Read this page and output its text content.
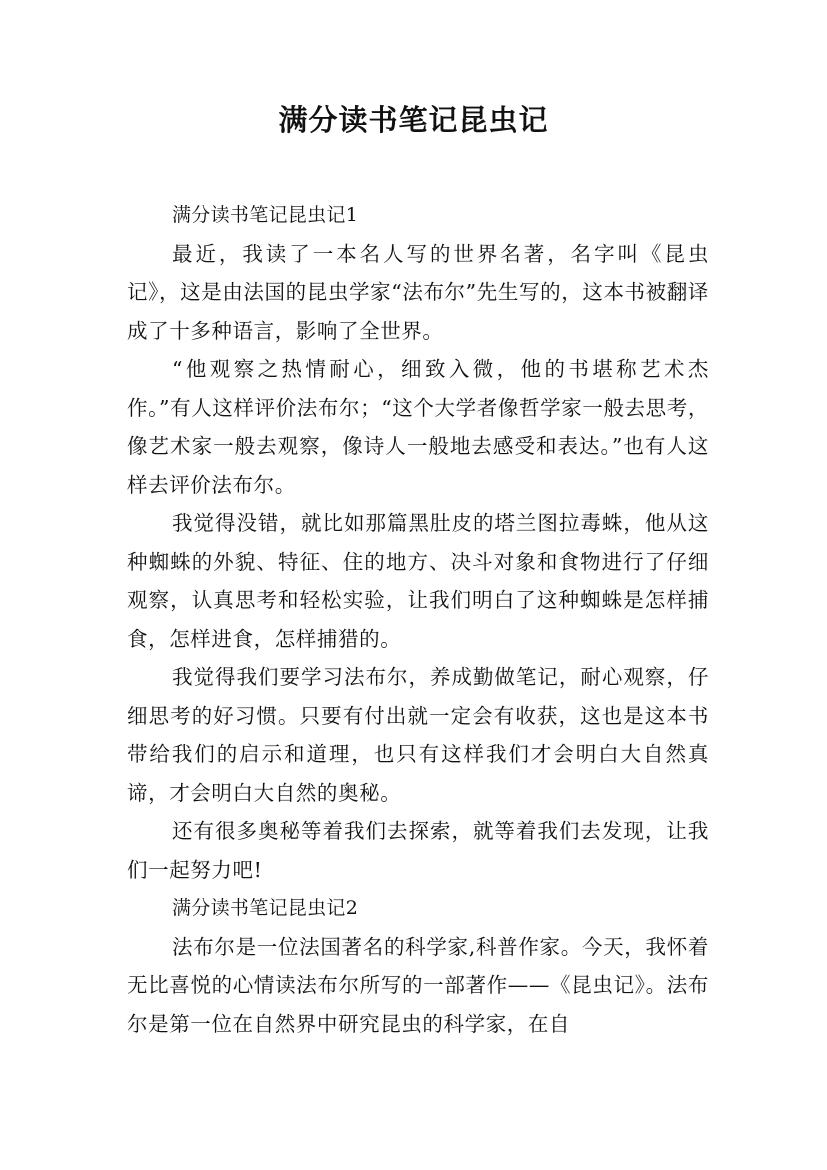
满分读书笔记昆虫记

满分读书笔记昆虫记1

最近，我读了一本名人写的世界名著，名字叫《昆虫记》，这是由法国的昆虫学家“法布尔”先生写的，这本书被翻译成了十多种语言，影响了全世界。

“他观察之热情耐心，细致入微，他的书堪称艺术杰作。”有人这样评价法布尔；“这个大学者像哲学家一般去思考，像艺术家一般去观察，像诗人一般地去感受和表达。”也有人这样去评价法布尔。

我觉得没错，就比如那篇黑肚皮的塔兰图拉毒蛛，他从这种蜘蛛的外貌、特征、住的地方、决斗对象和食物进行了仔细观察，认真思考和轻松实验，让我们明白了这种蜘蛛是怎样捕食，怎样进食，怎样捕猎的。

我觉得我们要学习法布尔，养成勤做笔记，耐心观察，仔细思考的好习惯。只要有付出就一定会有收获，这也是这本书带给我们的启示和道理，也只有这样我们才会明白大自然真谛，才会明白大自然的奥秘。

还有很多奥秘等着我们去探索，就等着我们去发现，让我们一起努力吧!

满分读书笔记昆虫记2

法布尔是一位法国著名的科学家,科普作家。今天，我怀着无比喜悦的心情读法布尔所写的一部著作——《昆虫记》。法布尔是第一位在自然界中研究昆虫的科学家，在自
